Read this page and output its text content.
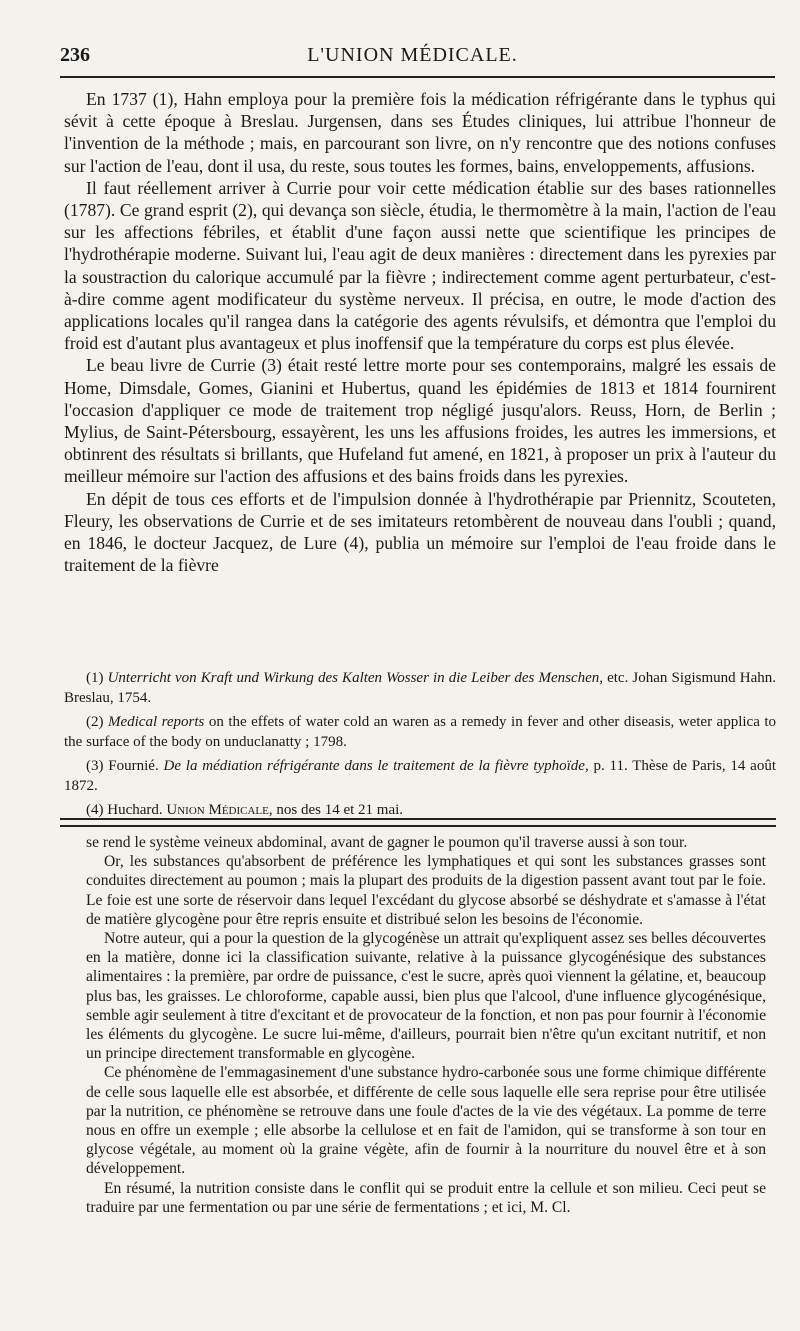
236	L'UNION MÉDICALE.

En 1737 (1), Hahn employa pour la première fois la médication réfrigérante dans le typhus qui sévit à cette époque à Breslau. Jurgensen, dans ses Études cliniques, lui attribue l'honneur de l'invention de la méthode ; mais, en parcourant son livre, on n'y rencontre que des notions confuses sur l'action de l'eau, dont il usa, du reste, sous toutes les formes, bains, enveloppements, affusions.

Il faut réellement arriver à Currie pour voir cette médication établie sur des bases rationnelles (1787). Ce grand esprit (2), qui devança son siècle, étudia, le thermomètre à la main, l'action de l'eau sur les affections fébriles, et établit d'une façon aussi nette que scientifique les principes de l'hydrothérapie moderne. Suivant lui, l'eau agit de deux manières : directement dans les pyrexies par la soustraction du calorique accumulé par la fièvre ; indirectement comme agent perturbateur, c'est-à-dire comme agent modificateur du système nerveux. Il précisa, en outre, le mode d'action des applications locales qu'il rangea dans la catégorie des agents révulsifs, et démontra que l'emploi du froid est d'autant plus avantageux et plus inoffensif que la température du corps est plus élevée.

Le beau livre de Currie (3) était resté lettre morte pour ses contemporains, malgré les essais de Home, Dimsdale, Gomes, Gianini et Hubertus, quand les épidémies de 1813 et 1814 fournirent l'occasion d'appliquer ce mode de traitement trop négligé jusqu'alors. Reuss, Horn, de Berlin ; Mylius, de Saint-Pétersbourg, essayèrent, les uns les affusions froides, les autres les immersions, et obtinrent des résultats si brillants, que Hufeland fut amené, en 1821, à proposer un prix à l'auteur du meilleur mémoire sur l'action des affusions et des bains froids dans les pyrexies.

En dépit de tous ces efforts et de l'impulsion donnée à l'hydrothérapie par Priennitz, Scouteten, Fleury, les observations de Currie et de ses imitateurs retombèrent de nouveau dans l'oubli ; quand, en 1846, le docteur Jacquez, de Lure (4), publia un mémoire sur l'emploi de l'eau froide dans le traitement de la fièvre

(1) Unterricht von Kraft und Wirkung des Kalten Wosser in die Leiber des Menschen, etc. Johan Sigismund Hahn. Breslau, 1754.

(2) Medical reports on the effets of water cold an waren as a remedy in fever and other diseasis, weter applica to the surface of the body on unduclanatty ; 1798.

(3) Fournié. De la médiation réfrigérante dans le traitement de la fièvre typhoïde, p. 11. Thèse de Paris, 14 août 1872.

(4) Huchard. Union Médicale, nos des 14 et 21 mai.

se rend le système veineux abdominal, avant de gagner le poumon qu'il traverse aussi à son tour.

Or, les substances qu'absorbent de préférence les lymphatiques et qui sont les substances grasses sont conduites directement au poumon ; mais la plupart des produits de la digestion passent avant tout par le foie. Le foie est une sorte de réservoir dans lequel l'excédant du glycose absorbé se déshydrate et s'amasse à l'état de matière glycogène pour être repris ensuite et distribué selon les besoins de l'économie.

Notre auteur, qui a pour la question de la glycogénèse un attrait qu'expliquent assez ses belles découvertes en la matière, donne ici la classification suivante, relative à la puissance glycogénésique des substances alimentaires : la première, par ordre de puissance, c'est le sucre, après quoi viennent la gélatine, et, beaucoup plus bas, les graisses. Le chloroforme, capable aussi, bien plus que l'alcool, d'une influence glycogénésique, semble agir seulement à titre d'excitant et de provocateur de la fonction, et non pas pour fournir à l'économie les éléments du glycogène. Le sucre lui-même, d'ailleurs, pourrait bien n'être qu'un excitant nutritif, et non un principe directement transformable en glycogène.

Ce phénomène de l'emmagasinement d'une substance hydro-carbonée sous une forme chimique différente de celle sous laquelle elle est absorbée, et différente de celle sous laquelle elle sera reprise pour être utilisée par la nutrition, ce phénomène se retrouve dans une foule d'actes de la vie des végétaux. La pomme de terre nous en offre un exemple ; elle absorbe la cellulose et en fait de l'amidon, qui se transforme à son tour en glycose végétale, au moment où la graine végète, afin de fournir à la nourriture du nouvel être et à son développement.

En résumé, la nutrition consiste dans le conflit qui se produit entre la cellule et son milieu. Ceci peut se traduire par une fermentation ou par une série de fermentations ; et ici, M. Cl.
